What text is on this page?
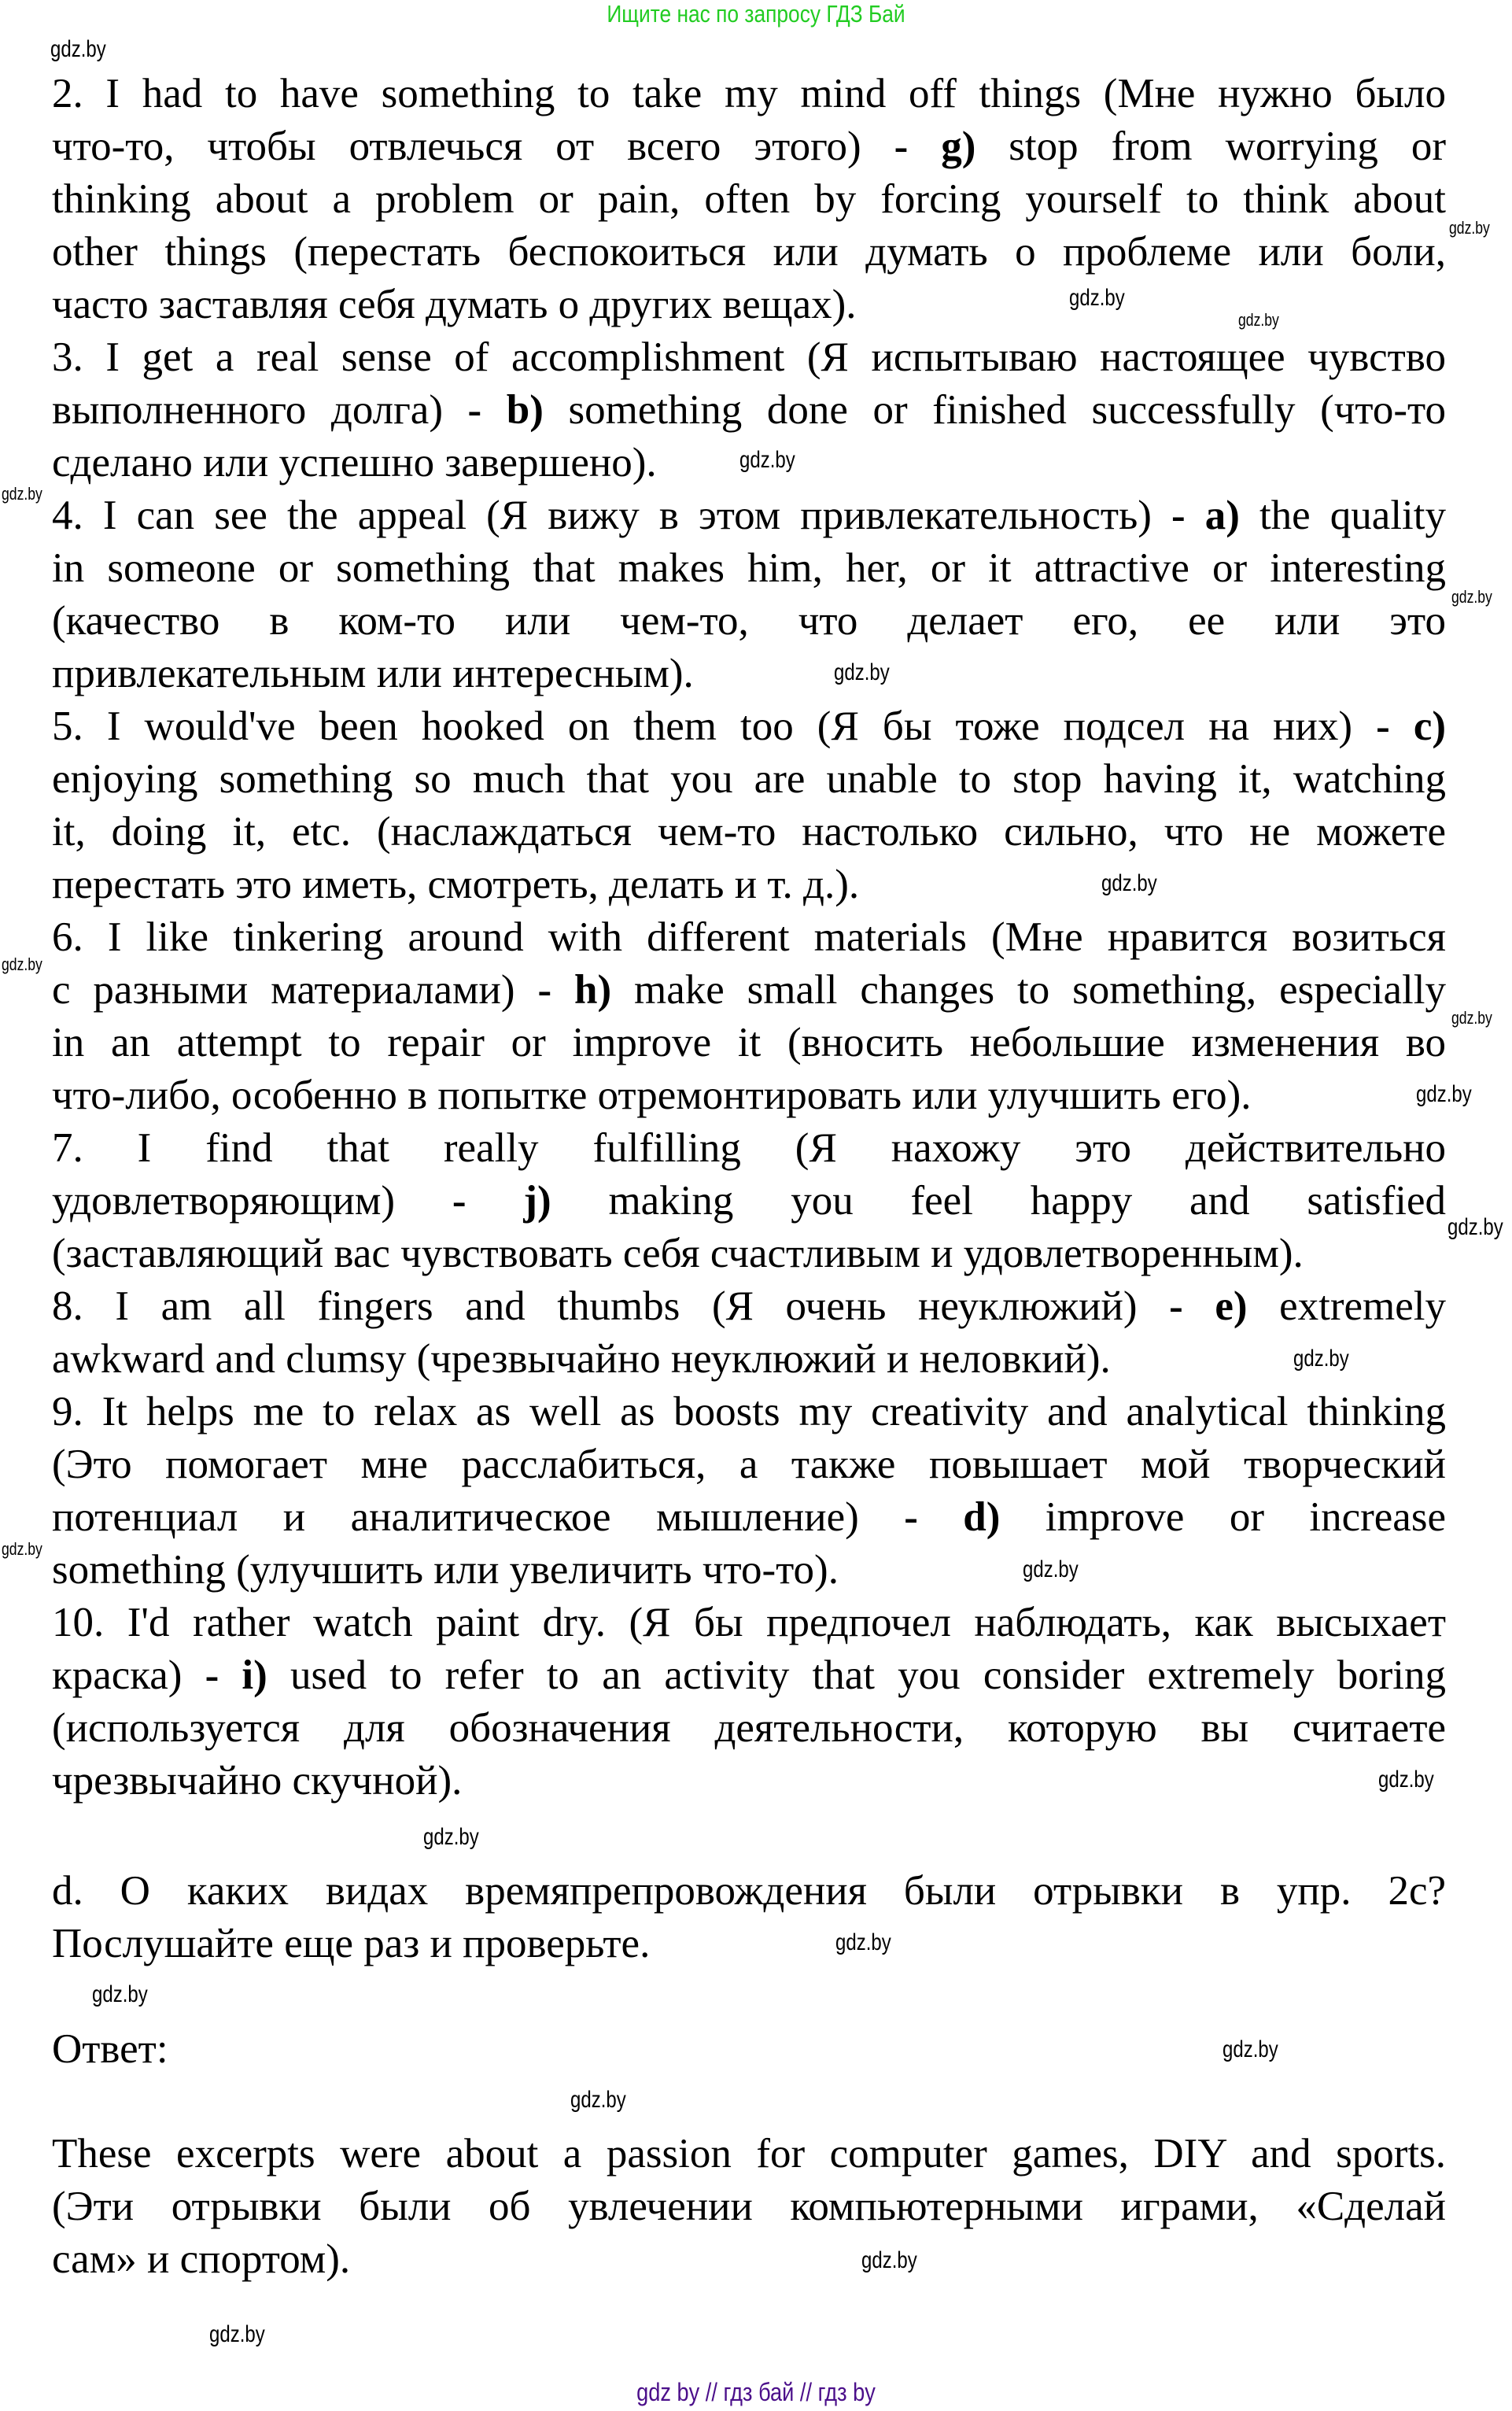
Ищите нас по запросу ГДЗ Бай
2. I had to have something to take my mind off things (Мне нужно было
что-то, чтобы отвлечься от всего этого) - g) stop from worrying or
thinking about a problem or pain, often by forcing yourself to think about
other things (перестать беспокоиться или думать о проблеме или боли,
часто заставляя себя думать о других вещах).
3. I get a real sense of accomplishment (Я испытываю настоящее чувство
выполненного долга) - b) something done or finished successfully (что-то
сделано или успешно завершено).
4. I can see the appeal (Я вижу в этом привлекательность) - a) the quality
in someone or something that makes him, her, or it attractive or interesting
(качество в ком-то или чем-то, что делает его, ее или это
привлекательным или интересным).
5. I would've been hooked on them too (Я бы тоже подсел на них) - c)
enjoying something so much that you are unable to stop having it, watching
it, doing it, etc. (наслаждаться чем-то настолько сильно, что не можете
перестать это иметь, смотреть, делать и т. д.).
6. I like tinkering around with different materials (Мне нравится возиться
с разными материалами) - h) make small changes to something, especially
in an attempt to repair or improve it (вносить небольшие изменения во
что-либо, особенно в попытке отремонтировать или улучшить его).
7. I find that really fulfilling (Я нахожу это действительно
удовлетворяющим) - j) making you feel happy and satisfied
(заставляющий вас чувствовать себя счастливым и удовлетворенным).
8. I am all fingers and thumbs (Я очень неуклюжий) - e) extremely
awkward and clumsy (чрезвычайно неуклюжий и неловкий).
9. It helps me to relax as well as boosts my creativity and analytical thinking
(Это помогает мне расслабиться, а также повышает мой творческий
потенциал и аналитическое мышление) - d) improve or increase
something (улучшить или увеличить что-то).
10. I'd rather watch paint dry. (Я бы предпочел наблюдать, как высыхает
краска) - i) used to refer to an activity that you consider extremely boring
(используется для обозначения деятельности, которую вы считаете
чрезвычайно скучной).
d. О каких видах времяпрепровождения были отрывки в упр. 2с?
Послушайте еще раз и проверьте.
Ответ:
These excerpts were about a passion for computer games, DIY and sports.
(Эти отрывки были об увлечении компьютерными играми, «Сделай
сам» и спортом).
gdz.by
gdz.by
gdz.by
gdz.by
gdz.by
gdz.by
gdz.by
gdz.by
gdz.by
gdz.by
gdz.by
gdz.by
gdz.by
gdz.by
gdz.by
gdz.by
gdz.by
gdz.by
gdz.by
gdz.by
gdz.by
gdz.by
gdz.by
gdz.by
gdz by // гдз бай // гдз by
